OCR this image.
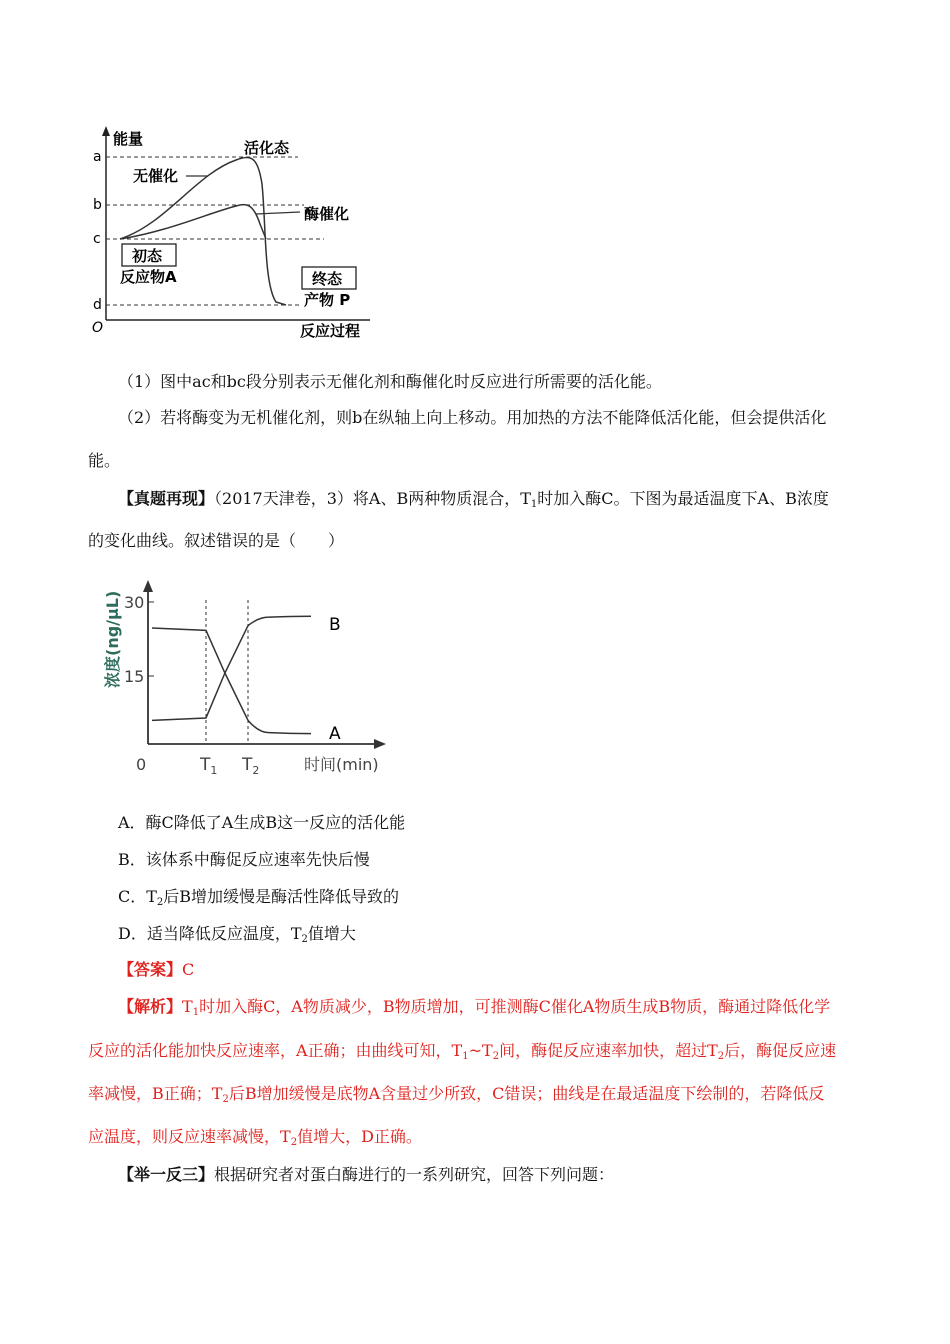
a
b
c
d
O
能量	活化态
无催化
酶催化
初态
反应物A	终态
产物 P
反应过程
（1）图中ac和bc段分别表示无催化剂和酶催化时反应进行所需要的活化能。
（2）若将酶变为无机催化剂，则b在纵轴上向上移动。用加热的方法不能降低活化能，但会提供活化
能。
【真题再现】（2017天津卷，3）将A、B两种物质混合，$T_1$时加入酶C。下图为最适温度下A、B浓度
的变化曲线。叙述错误的是（　　）
B
A
30
15
0	$T_1$ $T_2$	时间(min)
浓度(ng/μL)
A．酶C降低了A生成B这一反应的活化能
B．该体系中酶促反应速率先快后慢
C．$T_2$后B增加缓慢是酶活性降低导致的
D．适当降低反应温度，$T_2$值增大
【答案】C
【解析】$T_1$时加入酶C，A物质减少，B物质增加，可推测酶C催化A物质生成B物质，酶通过降低化学
反应的活化能加快反应速率，A正确；由曲线可知，$T_1\sim T_2$间，酶促反应速率加快，超过$T_2$后，酶促反应速
率减慢，B正确；$T_2$后B增加缓慢是底物A含量过少所致，C错误；曲线是在最适温度下绘制的，若降低反
应温度，则反应速率减慢，$T_2$值增大，D正确。
【举一反三】根据研究者对蛋白酶进行的一系列研究，回答下列问题：
